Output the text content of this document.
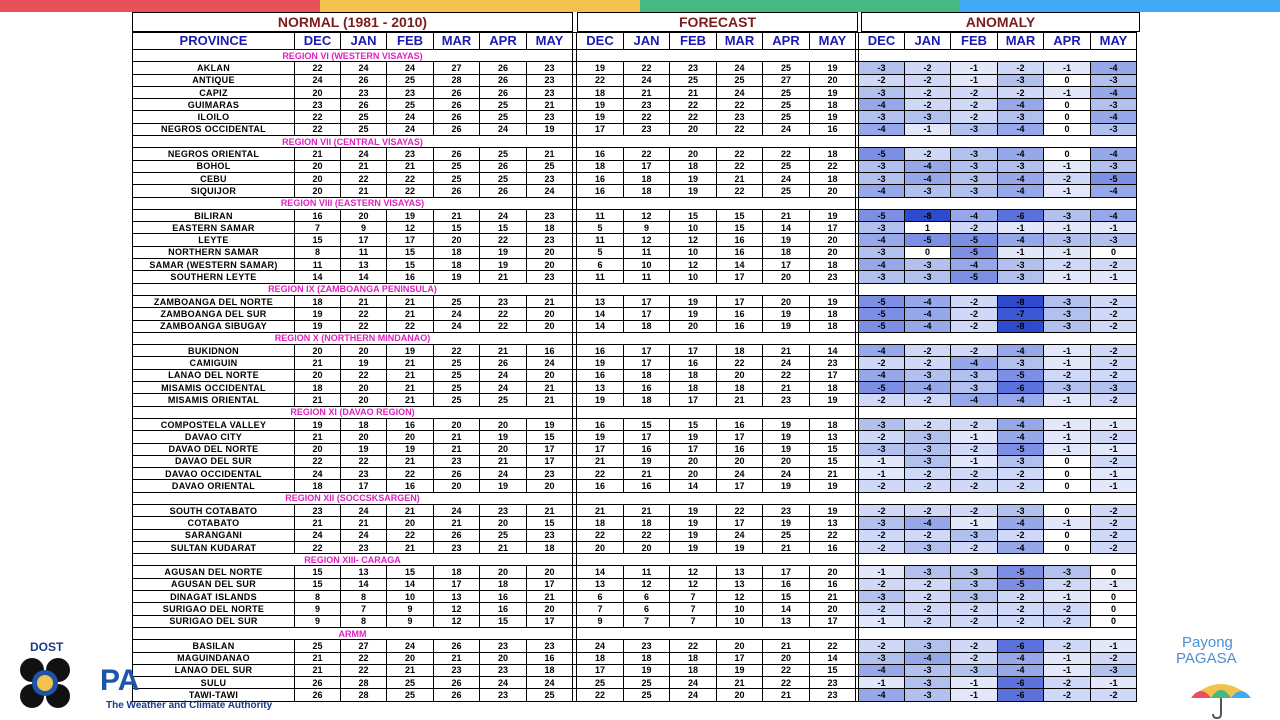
NORMAL (1981 - 2010)	FORECAST	ANOMALY
PROVINCE	DEC	JAN	FEB	MAR	APR	MAY		DEC	JAN	FEB	MAR	APR	MAY		DEC	JAN	FEB	MAR	APR	MAY
REGION VI (WESTERN VISAYAS)																				
AKLAN	22	24	24	27	26	23		19	22	23	24	25	19		-3	-2	-1	-2	-1	-4
ANTIQUE	24	26	25	28	26	23		22	24	25	25	27	20		-2	-2	-1	-3	0	-3
CAPIZ	20	23	23	26	26	23		18	21	21	24	25	19		-3	-2	-2	-2	-1	-4
GUIMARAS	23	26	25	26	25	21		19	23	22	22	25	18		-4	-2	-2	-4	0	-3
ILOILO	22	25	24	26	25	23		19	22	22	23	25	19		-3	-3	-2	-3	0	-4
NEGROS OCCIDENTAL	22	25	24	26	24	19		17	23	20	22	24	16		-4	-1	-3	-4	0	-3
REGION VII (CENTRAL VISAYAS)																				
NEGROS ORIENTAL	21	24	23	26	25	21		16	22	20	22	22	18		-5	-2	-3	-4	0	-4
BOHOL	20	21	21	25	26	25		18	17	18	22	25	22		-3	-4	-3	-3	-1	-3
CEBU	20	22	22	25	25	23		16	18	19	21	24	18		-3	-4	-3	-4	-2	-5
SIQUIJOR	20	21	22	26	26	24		16	18	19	22	25	20		-4	-3	-3	-4	-1	-4
REGION VIII (EASTERN VISAYAS)																				
BILIRAN	16	20	19	21	24	23		11	12	15	15	21	19		-5	-8	-4	-6	-3	-4
EASTERN SAMAR	7	9	12	15	15	18		5	9	10	15	14	17		-3	1	-2	-1	-1	-1
LEYTE	15	17	17	20	22	23		11	12	12	16	19	20		-4	-5	-5	-4	-3	-3
NORTHERN SAMAR	8	11	15	18	19	20		5	11	10	16	18	20		-3	0	-5	-1	-1	0
SAMAR (WESTERN SAMAR)	11	13	15	18	19	20		6	10	12	14	17	18		-4	-3	-4	-3	-2	-2
SOUTHERN LEYTE	14	14	16	19	21	23		11	11	10	17	20	23		-3	-3	-5	-3	-1	-1
REGION IX (ZAMBOANGA PENINSULA)																				
ZAMBOANGA DEL NORTE	18	21	21	25	23	21		13	17	19	17	20	19		-5	-4	-2	-8	-3	-2
ZAMBOANGA DEL SUR	19	22	21	24	22	20		14	17	19	16	19	18		-5	-4	-2	-7	-3	-2
ZAMBOANGA SIBUGAY	19	22	22	24	22	20		14	18	20	16	19	18		-5	-4	-2	-8	-3	-2
REGION X (NORTHERN MINDANAO)																				
BUKIDNON	20	20	19	22	21	16		16	17	17	18	21	14		-4	-2	-2	-4	-1	-2
CAMIGUIN	21	19	21	25	26	24		19	17	16	22	24	23		-2	-2	-4	-3	-1	-2
LANAO DEL NORTE	20	22	21	25	24	20		16	18	18	20	22	17		-4	-3	-3	-5	-2	-2
MISAMIS OCCIDENTAL	18	20	21	25	24	21		13	16	18	18	21	18		-5	-4	-3	-6	-3	-3
MISAMIS ORIENTAL	21	20	21	25	25	21		19	18	17	21	23	19		-2	-2	-4	-4	-1	-2
REGION XI (DAVAO REGION)																				
COMPOSTELA VALLEY	19	18	16	20	20	19		16	15	15	16	19	18		-3	-2	-2	-4	-1	-1
DAVAO CITY	21	20	20	21	19	15		19	17	19	17	19	13		-2	-3	-1	-4	-1	-2
DAVAO DEL NORTE	20	19	19	21	20	17		17	16	17	16	19	15		-3	-3	-2	-5	-1	-1
DAVAO DEL SUR	22	22	21	23	21	17		21	19	20	20	20	15		-1	-3	-1	-3	0	-2
DAVAO OCCIDENTAL	24	23	22	26	24	23		22	21	20	24	24	21		-1	-2	-2	-2	0	-1
DAVAO ORIENTAL	18	17	16	20	19	20		16	16	14	17	19	19		-2	-2	-2	-2	0	-1
REGION XII (SOCCSKSARGEN)																				
SOUTH COTABATO	23	24	21	24	23	21		21	21	19	22	23	19		-2	-2	-2	-3	0	-2
COTABATO	21	21	20	21	20	15		18	18	19	17	19	13		-3	-4	-1	-4	-1	-2
SARANGANI	24	24	22	26	25	23		22	22	19	24	25	22		-2	-2	-3	-2	0	-2
SULTAN KUDARAT	22	23	21	23	21	18		20	20	19	19	21	16		-2	-3	-2	-4	0	-2
REGION XIII- CARAGA																				
AGUSAN DEL NORTE	15	13	15	18	20	20		14	11	12	13	17	20		-1	-3	-3	-5	-3	0
AGUSAN DEL SUR	15	14	14	17	18	17		13	12	12	13	16	16		-2	-2	-3	-5	-2	-1
DINAGAT ISLANDS	8	8	10	13	16	21		6	6	7	12	15	21		-3	-2	-3	-2	-1	0
SURIGAO DEL NORTE	9	7	9	12	16	20		7	6	7	10	14	20		-2	-2	-2	-2	-2	0
SURIGAO DEL SUR	9	8	9	12	15	17		9	7	7	10	13	17		-1	-2	-2	-2	-2	0
ARMM																				
BASILAN	25	27	24	26	23	23		24	23	22	20	21	22		-2	-3	-2	-6	-2	-1
MAGUINDANAO	21	22	20	21	20	16		18	18	18	17	20	14		-3	-4	-2	-4	-1	-2
LANAO DEL SUR	21	22	21	23	23	18		17	19	18	19	22	15		-4	-3	-3	-4	-1	-3
SULU	26	28	25	26	24	24		25	25	24	21	22	23		-1	-3	-1	-6	-2	-1
TAWI-TAWI	26	28	25	26	23	25		22	25	24	20	21	23		-4	-3	-1	-6	-2	-2
DOST
PA
The Weather and Climate Authority
Payong
PAGASA
